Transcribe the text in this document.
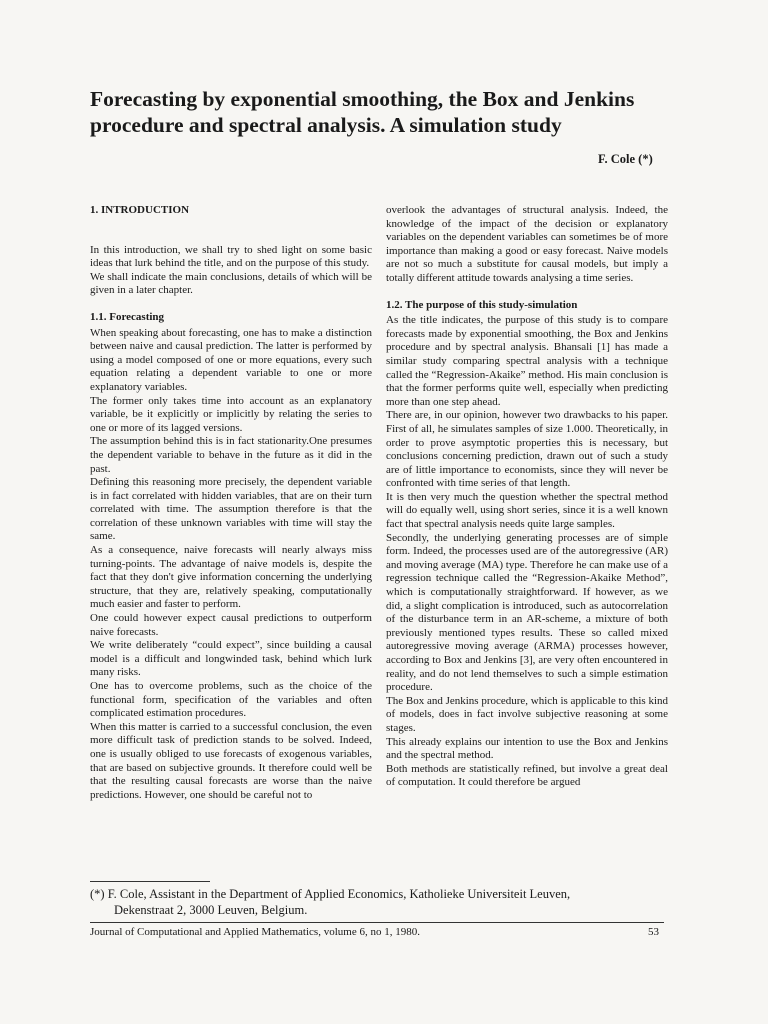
Forecasting by exponential smoothing, the Box and Jenkins procedure and spectral analysis. A simulation study
F. Cole (*)

1. INTRODUCTION

In this introduction, we shall try to shed light on some basic ideas that lurk behind the title, and on the purpose of this study.

We shall indicate the main conclusions, details of which will be given in a later chapter.

1.1. Forecasting

When speaking about forecasting, one has to make a distinction between naive and causal prediction. The latter is performed by using a model composed of one or more equations, every such equation relating a dependent variable to one or more explanatory variables.

The former only takes time into account as an explanatory variable, be it explicitly or implicitly by relating the series to one or more of its lagged versions.

The assumption behind this is in fact stationarity.One presumes the dependent variable to behave in the future as it did in the past.

Defining this reasoning more precisely, the dependent variable is in fact correlated with hidden variables, that are on their turn correlated with time. The assumption therefore is that the correlation of these unknown variables with time will stay the same.

As a consequence, naive forecasts will nearly always miss turning-points. The advantage of naive models is, despite the fact that they don't give information concerning the underlying structure, that they are, relatively speaking, computationally much easier and faster to perform.

One could however expect causal predictions to outperform naive forecasts.

We write deliberately “could expect”, since building a causal model is a difficult and longwinded task, behind which lurk many risks.

One has to overcome problems, such as the choice of the functional form, specification of the variables and often complicated estimation procedures.

When this matter is carried to a successful conclusion, the even more difficult task of prediction stands to be solved. Indeed, one is usually obliged to use forecasts of exogenous variables, that are based on subjective grounds. It therefore could well be that the resulting causal forecasts are worse than the naive predictions. However, one should be careful not to

overlook the advantages of structural analysis. Indeed, the knowledge of the impact of the decision or explanatory variables on the dependent variables can sometimes be of more importance than making a good or easy forecast. Naive models are not so much a substitute for causal models, but imply a totally different attitude towards analysing a time series.

1.2. The purpose of this study-simulation

As the title indicates, the purpose of this study is to compare forecasts made by exponential smoothing, the Box and Jenkins procedure and by spectral analysis. Bhansali [1] has made a similar study comparing spectral analysis with a technique called the “Regression-Akaike” method. His main conclusion is that the former performs quite well, especially when predicting more than one step ahead.

There are, in our opinion, however two drawbacks to his paper. First of all, he simulates samples of size 1.000. Theoretically, in order to prove asymptotic properties this is necessary, but conclusions concerning prediction, drawn out of such a study are of little importance to economists, since they will never be confronted with time series of that length.

It is then very much the question whether the spectral method will do equally well, using short series, since it is a well known fact that spectral analysis needs quite large samples.

Secondly, the underlying generating processes are of simple form. Indeed, the processes used are of the autoregressive (AR) and moving average (MA) type. Therefore he can make use of a regression technique called the “Regression-Akaike Method”, which is computationally straightforward. If however, as we did, a slight complication is introduced, such as autocorrelation of the disturbance term in an AR-scheme, a mixture of both previously mentioned types results. These so called mixed autoregressive moving average (ARMA) processes however, according to Box and Jenkins [3], are very often encountered in reality, and do not lend themselves to such a simple estimation procedure.

The Box and Jenkins procedure, which is applicable to this kind of models, does in fact involve subjective reasoning at some stages.

This already explains our intention to use the Box and Jenkins and the spectral method.

Both methods are statistically refined, but involve a great deal of computation. It could therefore be argued

(*) F. Cole, Assistant in the Department of Applied Economics, Katholieke Universiteit Leuven,
Dekenstraat 2, 3000 Leuven, Belgium.
Journal of Computational and Applied Mathematics, volume 6, no 1, 1980.	53
